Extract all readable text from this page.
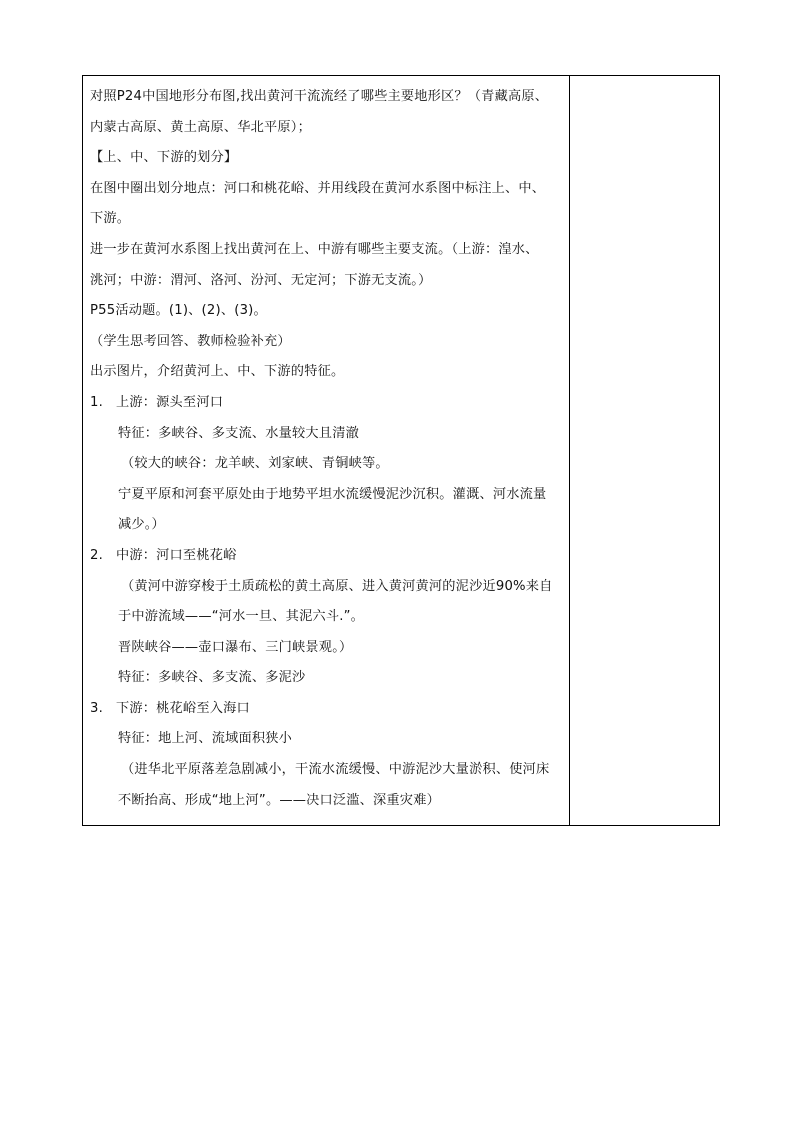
对照P24中国地形分布图,找出黄河干流流经了哪些主要地形区？（青藏高原、
内蒙古高原、黄土高原、华北平原）；
【上、中、下游的划分】
在图中圈出划分地点：河口和桃花峪、并用线段在黄河水系图中标注上、中、
下游。
进一步在黄河水系图上找出黄河在上、中游有哪些主要支流。（上游：湟水、
洮河；中游：渭河、洛河、汾河、无定河；下游无支流。）
P55活动题。(1)、(2)、(3)。
（学生思考回答、教师检验补充）
出示图片，介绍黄河上、中、下游的特征。
1. 上游：源头至河口
特征：多峡谷、多支流、水量较大且清澈
（较大的峡谷：龙羊峡、刘家峡、青铜峡等。
宁夏平原和河套平原处由于地势平坦水流缓慢泥沙沉积。灌溉、河水流量
减少。）
2. 中游：河口至桃花峪
（黄河中游穿梭于土质疏松的黄土高原、进入黄河黄河的泥沙近90%来自
于中游流域——“河水一旦、其泥六斗.”。
晋陕峡谷——壶口瀑布、三门峡景观。）
特征：多峡谷、多支流、多泥沙
3. 下游：桃花峪至入海口
特征：地上河、流域面积狭小
（进华北平原落差急剧减小，干流水流缓慢、中游泥沙大量淤积、使河床
不断抬高、形成“地上河”。——决口泛滥、深重灾难）
